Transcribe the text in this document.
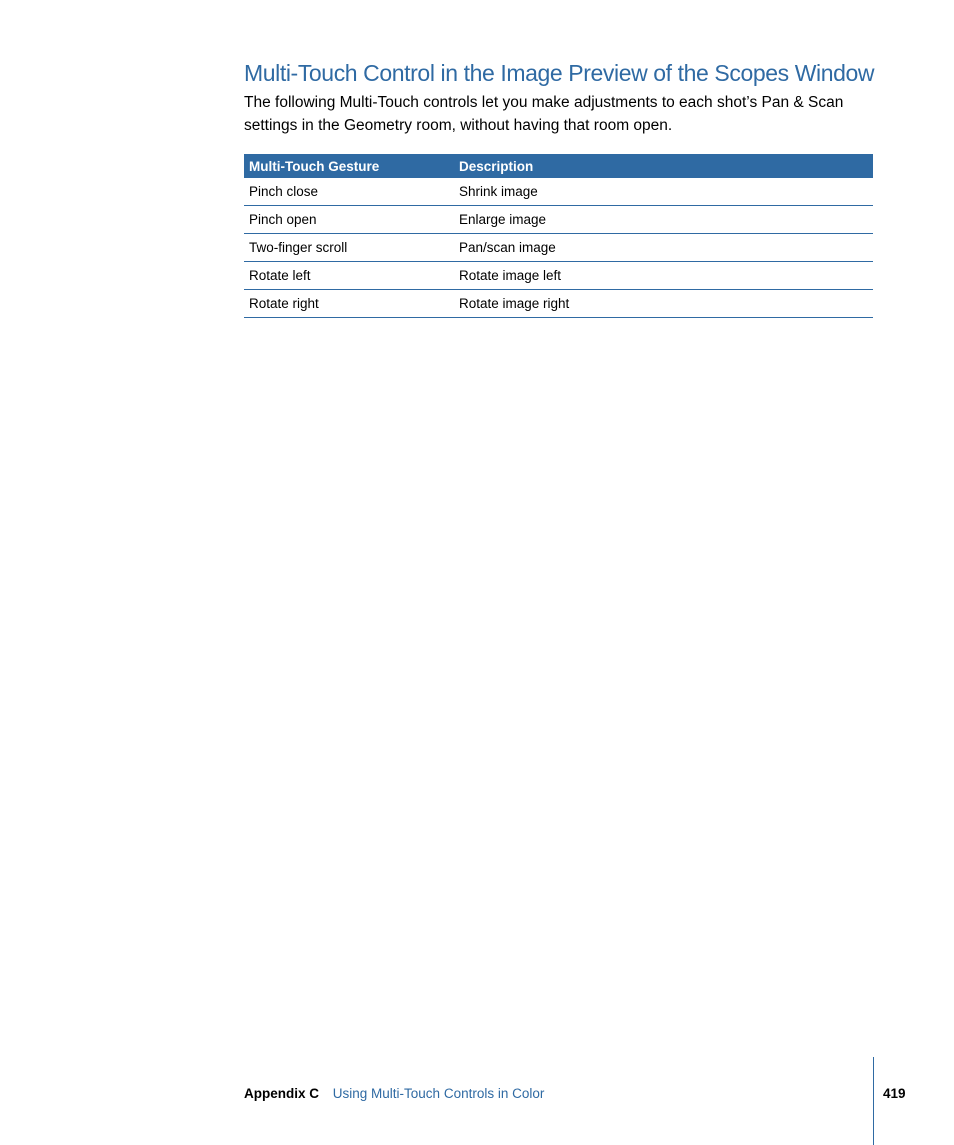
Multi-Touch Control in the Image Preview of the Scopes Window

The following Multi-Touch controls let you make adjustments to each shot’s Pan & Scan settings in the Geometry room, without having that room open.

Multi-Touch Gesture	Description
Pinch close	Shrink image
Pinch open	Enlarge image
Two-finger scroll	Pan/scan image
Rotate left	Rotate image left
Rotate right	Rotate image right
Appendix C Using Multi-Touch Controls in Color	419
